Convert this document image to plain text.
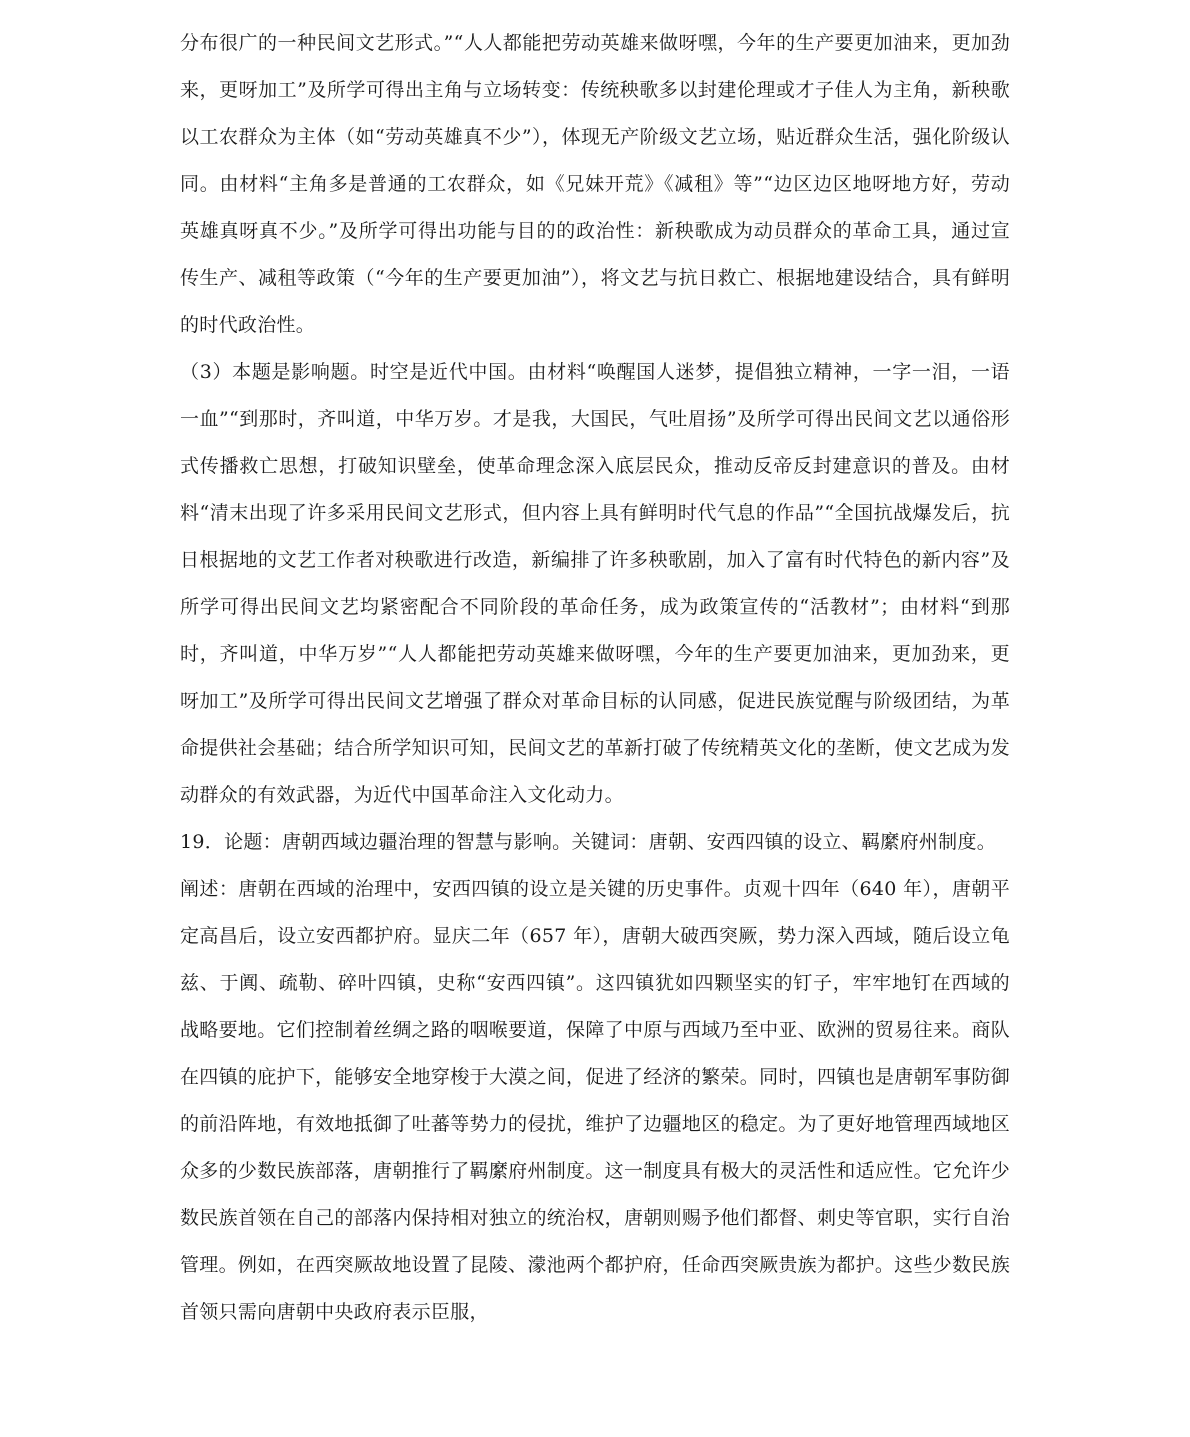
分布很广的一种民间文艺形式。”“人人都能把劳动英雄来做呀嘿，今年的生产要更加油来，更加劲来，更呀加工”及所学可得出主角与立场转变：传统秧歌多以封建伦理或才子佳人为主角，新秧歌以工农群众为主体（如“劳动英雄真不少”），体现无产阶级文艺立场，贴近群众生活，强化阶级认同。由材料“主角多是普通的工农群众，如《兄妹开荒》《减租》等”“边区边区地呀地方好，劳动英雄真呀真不少。”及所学可得出功能与目的的政治性：新秧歌成为动员群众的革命工具，通过宣传生产、减租等政策（“今年的生产要更加油”），将文艺与抗日救亡、根据地建设结合，具有鲜明的时代政治性。

（3）本题是影响题。时空是近代中国。由材料“唤醒国人迷梦，提倡独立精神，一字一泪，一语一血”“到那时，齐叫道，中华万岁。才是我，大国民，气吐眉扬”及所学可得出民间文艺以通俗形式传播救亡思想，打破知识壁垒，使革命理念深入底层民众，推动反帝反封建意识的普及。由材料“清末出现了许多采用民间文艺形式，但内容上具有鲜明时代气息的作品”“全国抗战爆发后，抗日根据地的文艺工作者对秧歌进行改造，新编排了许多秧歌剧，加入了富有时代特色的新内容”及所学可得出民间文艺均紧密配合不同阶段的革命任务，成为政策宣传的“活教材”；由材料“到那时，齐叫道，中华万岁”“人人都能把劳动英雄来做呀嘿，今年的生产要更加油来，更加劲来，更呀加工”及所学可得出民间文艺增强了群众对革命目标的认同感，促进民族觉醒与阶级团结，为革命提供社会基础；结合所学知识可知，民间文艺的革新打破了传统精英文化的垄断，使文艺成为发动群众的有效武器，为近代中国革命注入文化动力。

19．论题：唐朝西域边疆治理的智慧与影响。关键词：唐朝、安西四镇的设立、羁縻府州制度。

阐述：唐朝在西域的治理中，安西四镇的设立是关键的历史事件。贞观十四年（640 年），唐朝平定高昌后，设立安西都护府。显庆二年（657 年），唐朝大破西突厥，势力深入西域，随后设立龟兹、于阗、疏勒、碎叶四镇，史称“安西四镇”。这四镇犹如四颗坚实的钉子，牢牢地钉在西域的战略要地。它们控制着丝绸之路的咽喉要道，保障了中原与西域乃至中亚、欧洲的贸易往来。商队在四镇的庇护下，能够安全地穿梭于大漠之间，促进了经济的繁荣。同时，四镇也是唐朝军事防御的前沿阵地，有效地抵御了吐蕃等势力的侵扰，维护了边疆地区的稳定。为了更好地管理西域地区众多的少数民族部落，唐朝推行了羁縻府州制度。这一制度具有极大的灵活性和适应性。它允许少数民族首领在自己的部落内保持相对独立的统治权，唐朝则赐予他们都督、刺史等官职，实行自治管理。例如，在西突厥故地设置了昆陵、濛池两个都护府，任命西突厥贵族为都护。这些少数民族首领只需向唐朝中央政府表示臣服，
